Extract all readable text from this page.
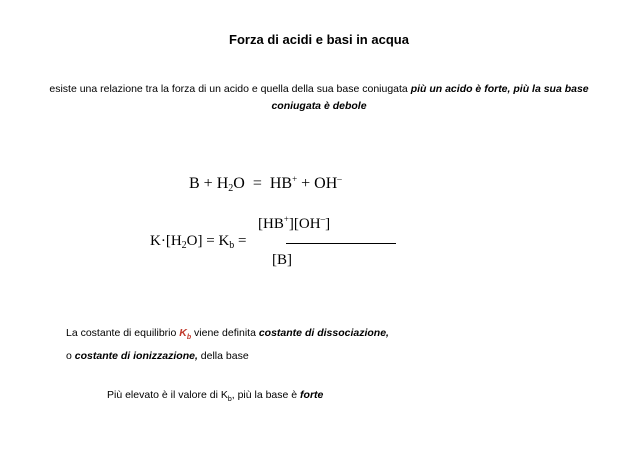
Forza di acidi e basi in acqua
esiste una relazione tra la forza di un acido e quella della sua base coniugata più un acido è forte, più la sua base coniugata è debole
$B + H_2O = HB^+ + OH^-$
[HB+][OH–]
$K\cdot[H_2O] = K_b$ =
[B]
La costante di equilibrio $K_b$ viene definita costante di dissociazione,
o costante di ionizzazione, della base
Più elevato è il valore di $K_b$, più la base è forte
